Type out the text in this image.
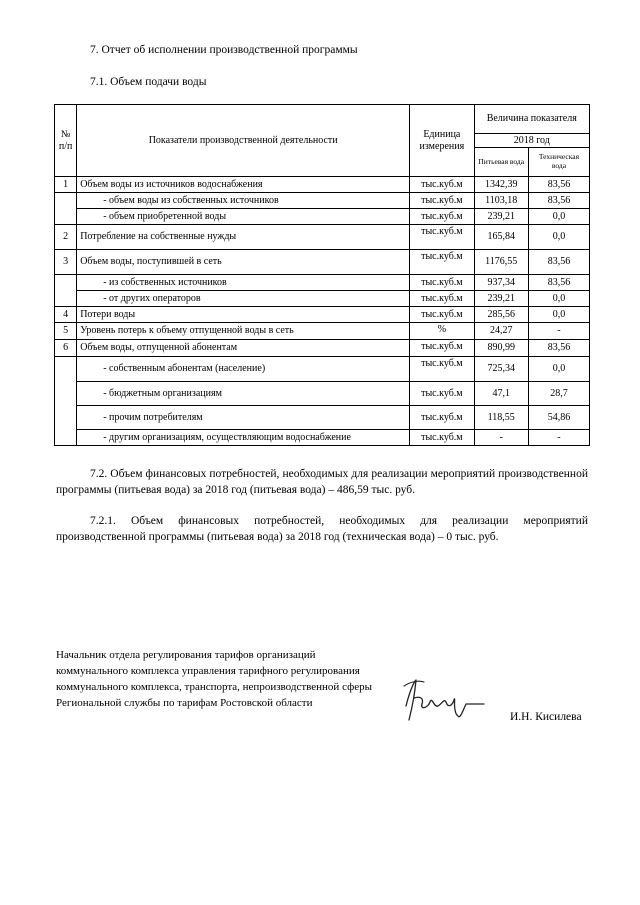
7. Отчет об исполнении производственной программы
7.1. Объем подачи воды
№ п/п	Показатели производственной деятельности	Единица измерения	Величина показателя	
			2018 год	
			Питьевая вода	Техническая вода
1	Объем воды из источников водоснабжения	тыс.куб.м	1342,39	83,56
	- объем воды из собственных источников	тыс.куб.м	1103,18	83,56
	- объем приобретенной воды	тыс.куб.м	239,21	0,0
2	Потребление на собственные нужды	тыс.куб.м	165,84	0,0
3	Объем воды, поступившей в сеть	тыс.куб.м	1176,55	83,56
	- из собственных источников	тыс.куб.м	937,34	83,56
	- от других операторов	тыс.куб.м	239,21	0,0
4	Потери воды	тыс.куб.м	285,56	0,0
5	Уровень потерь к объему отпущенной воды в сеть	%	24,27	-
6	Объем воды, отпущенной абонентам	тыс.куб.м	890,99	83,56
	- собственным абонентам (население)	тыс.куб.м	725,34	0,0
	- бюджетным организациям	тыс.куб.м	47,1	28,7
	- прочим потребителям	тыс.куб.м	118,55	54,86
	- другим организациям, осуществляющим водоснабжение	тыс.куб.м	-	-

7.2. Объем финансовых потребностей, необходимых для реализации мероприятий производственной программы (питьевая вода) за 2018 год (питьевая вода) – 486,59 тыс. руб.

7.2.1. Объем финансовых потребностей, необходимых для реализации мероприятий производственной программы (питьевая вода) за 2018 год (техническая вода) – 0 тыс. руб.

Начальник отдела регулирования тарифов организаций коммунального комплекса управления тарифного регулирования коммунального комплекса, транспорта, непроизводственной сферы Региональной службы по тарифам Ростовской области
И.Н. Кисилева
